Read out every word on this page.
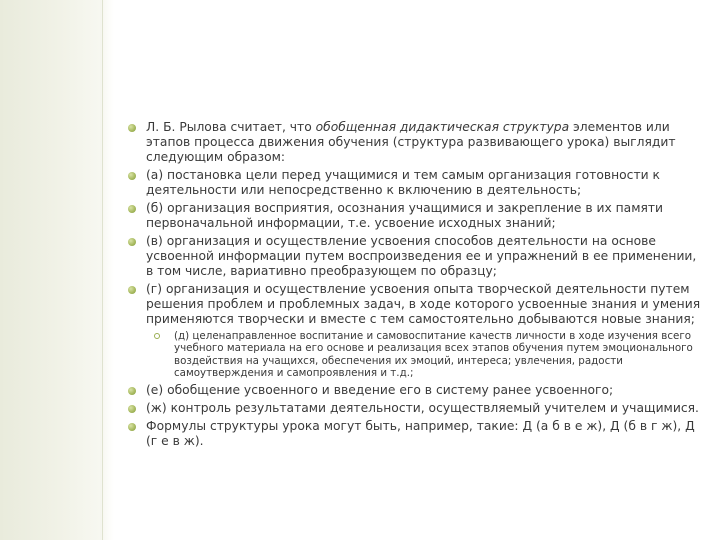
Л. Б. Рылова считает, что обобщенная дидактическая структура элементов или этапов процесса движения обучения (структура развивающего урока) выглядит следующим образом:
(а) постановка цели перед учащимися и тем самым организация готовности к деятельности или непосредственно к включению в деятельность;
(б) организация восприятия, осознания учащимися и закрепление в их памяти первоначальной информации, т.е. усвоение исходных знаний;
(в) организация и осуществление усвоения способов деятельности на основе усвоенной информации путем воспроизведения ее и упражнений в ее применении, в том числе, вариативно преобразующем по образцу;
(г) организация и осуществление усвоения опыта творческой деятельности путем решения проблем и проблемных задач, в ходе которого усвоенные знания и умения применяются творчески и вместе с тем самостоятельно добываются новые знания;
(д) целенаправленное воспитание и самовоспитание качеств личности в ходе изучения всего учебного материала на его основе и реализация всех этапов обучения путем эмоционального воздействия на учащихся, обеспечения их эмоций, интереса; увлечения, радости самоутверждения и самопроявления и т.д.;
(е) обобщение усвоенного и введение его в систему ранее усвоенного;
(ж) контроль результатами деятельности, осуществляемый учителем и учащимися.
Формулы структуры урока могут быть, например, такие: Д (а б в е ж), Д (б в г ж), Д (г е в ж).
